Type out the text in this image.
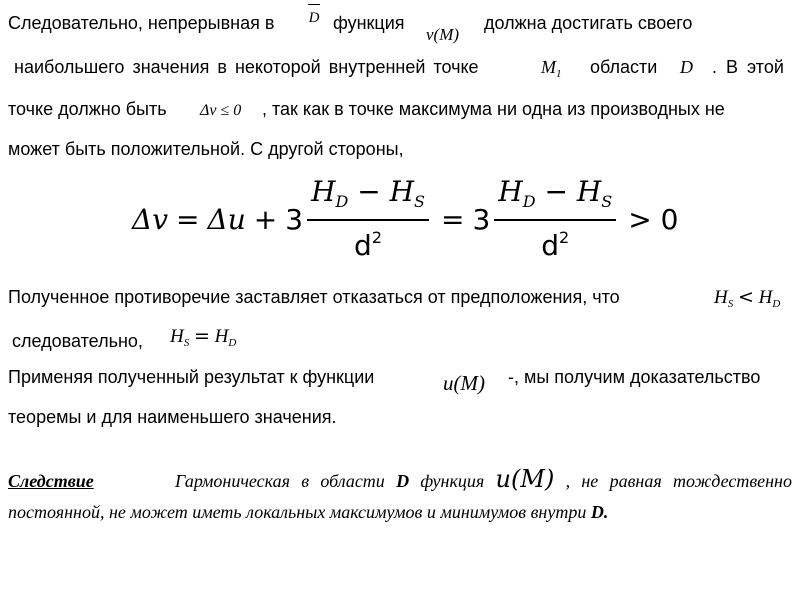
Следовательно, непрерывная в D функция
v(M)
должна достигать своего
наибольшего значения в некоторой внутренней точке	$M_1$ области D . В этой
точке должно быть Δv ≤ 0 , так как в точке максимума ни одна из производных не
может быть положительной. С другой стороны,
$\Delta v = \Delta u + 3 \frac{H_D - H_S}{d^2} = 3 \frac{H_D - H_S}{d^2} > 0$
Полученное противоречие заставляет отказаться от предположения, что	$H_S < H_D$
следовательно, $H_S = H_D$
Применяя полученный результат к функции	u(M) -, мы получим доказательство
теоремы и для наименьшего значения.
Следствие	Гармоническая в области D функция u(M) , не равная тождественно постоянной, не может иметь локальных максимумов и минимумов внутри D.
